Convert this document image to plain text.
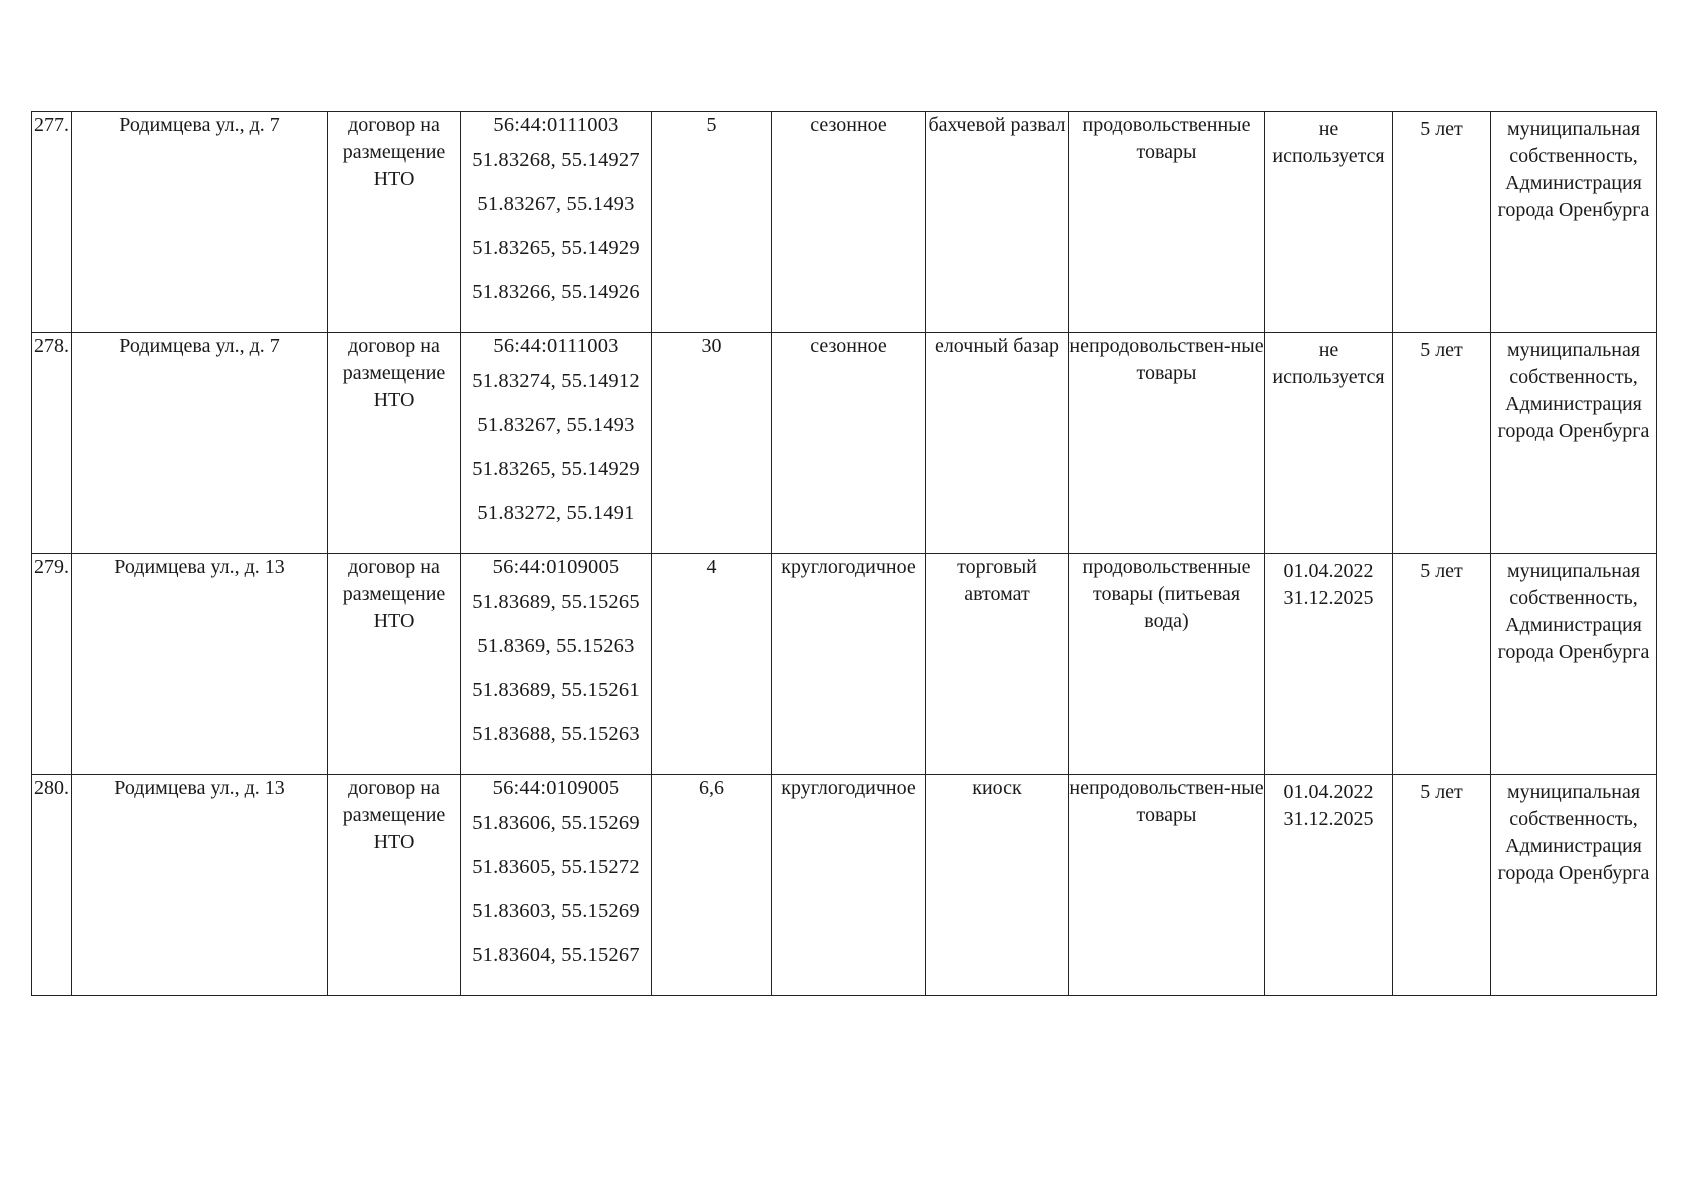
277.	Родимцева ул., д. 7	договор на размещение НТО	56:44:0111003
51.83268, 55.14927
51.83267, 55.1493
51.83265, 55.14929
51.83266, 55.14926	5	сезонное	бахчевой развал	продовольственные товары	не используется	5 лет	муниципальная собственность, Администрация города Оренбурга
278.	Родимцева ул., д. 7	договор на размещение НТО	56:44:0111003
51.83274, 55.14912
51.83267, 55.1493
51.83265, 55.14929
51.83272, 55.1491	30	сезонное	елочный базар	непродовольствен-ные товары	не используется	5 лет	муниципальная собственность, Администрация города Оренбурга
279.	Родимцева ул., д. 13	договор на размещение НТО	56:44:0109005
51.83689, 55.15265
51.8369, 55.15263
51.83689, 55.15261
51.83688, 55.15263	4	круглогодичное	торговый автомат	продовольственные товары (питьевая вода)	01.04.2022 31.12.2025	5 лет	муниципальная собственность, Администрация города Оренбурга
280.	Родимцева ул., д. 13	договор на размещение НТО	56:44:0109005
51.83606, 55.15269
51.83605, 55.15272
51.83603, 55.15269
51.83604, 55.15267	6,6	круглогодичное	киоск	непродовольствен-ные товары	01.04.2022 31.12.2025	5 лет	муниципальная собственность, Администрация города Оренбурга
